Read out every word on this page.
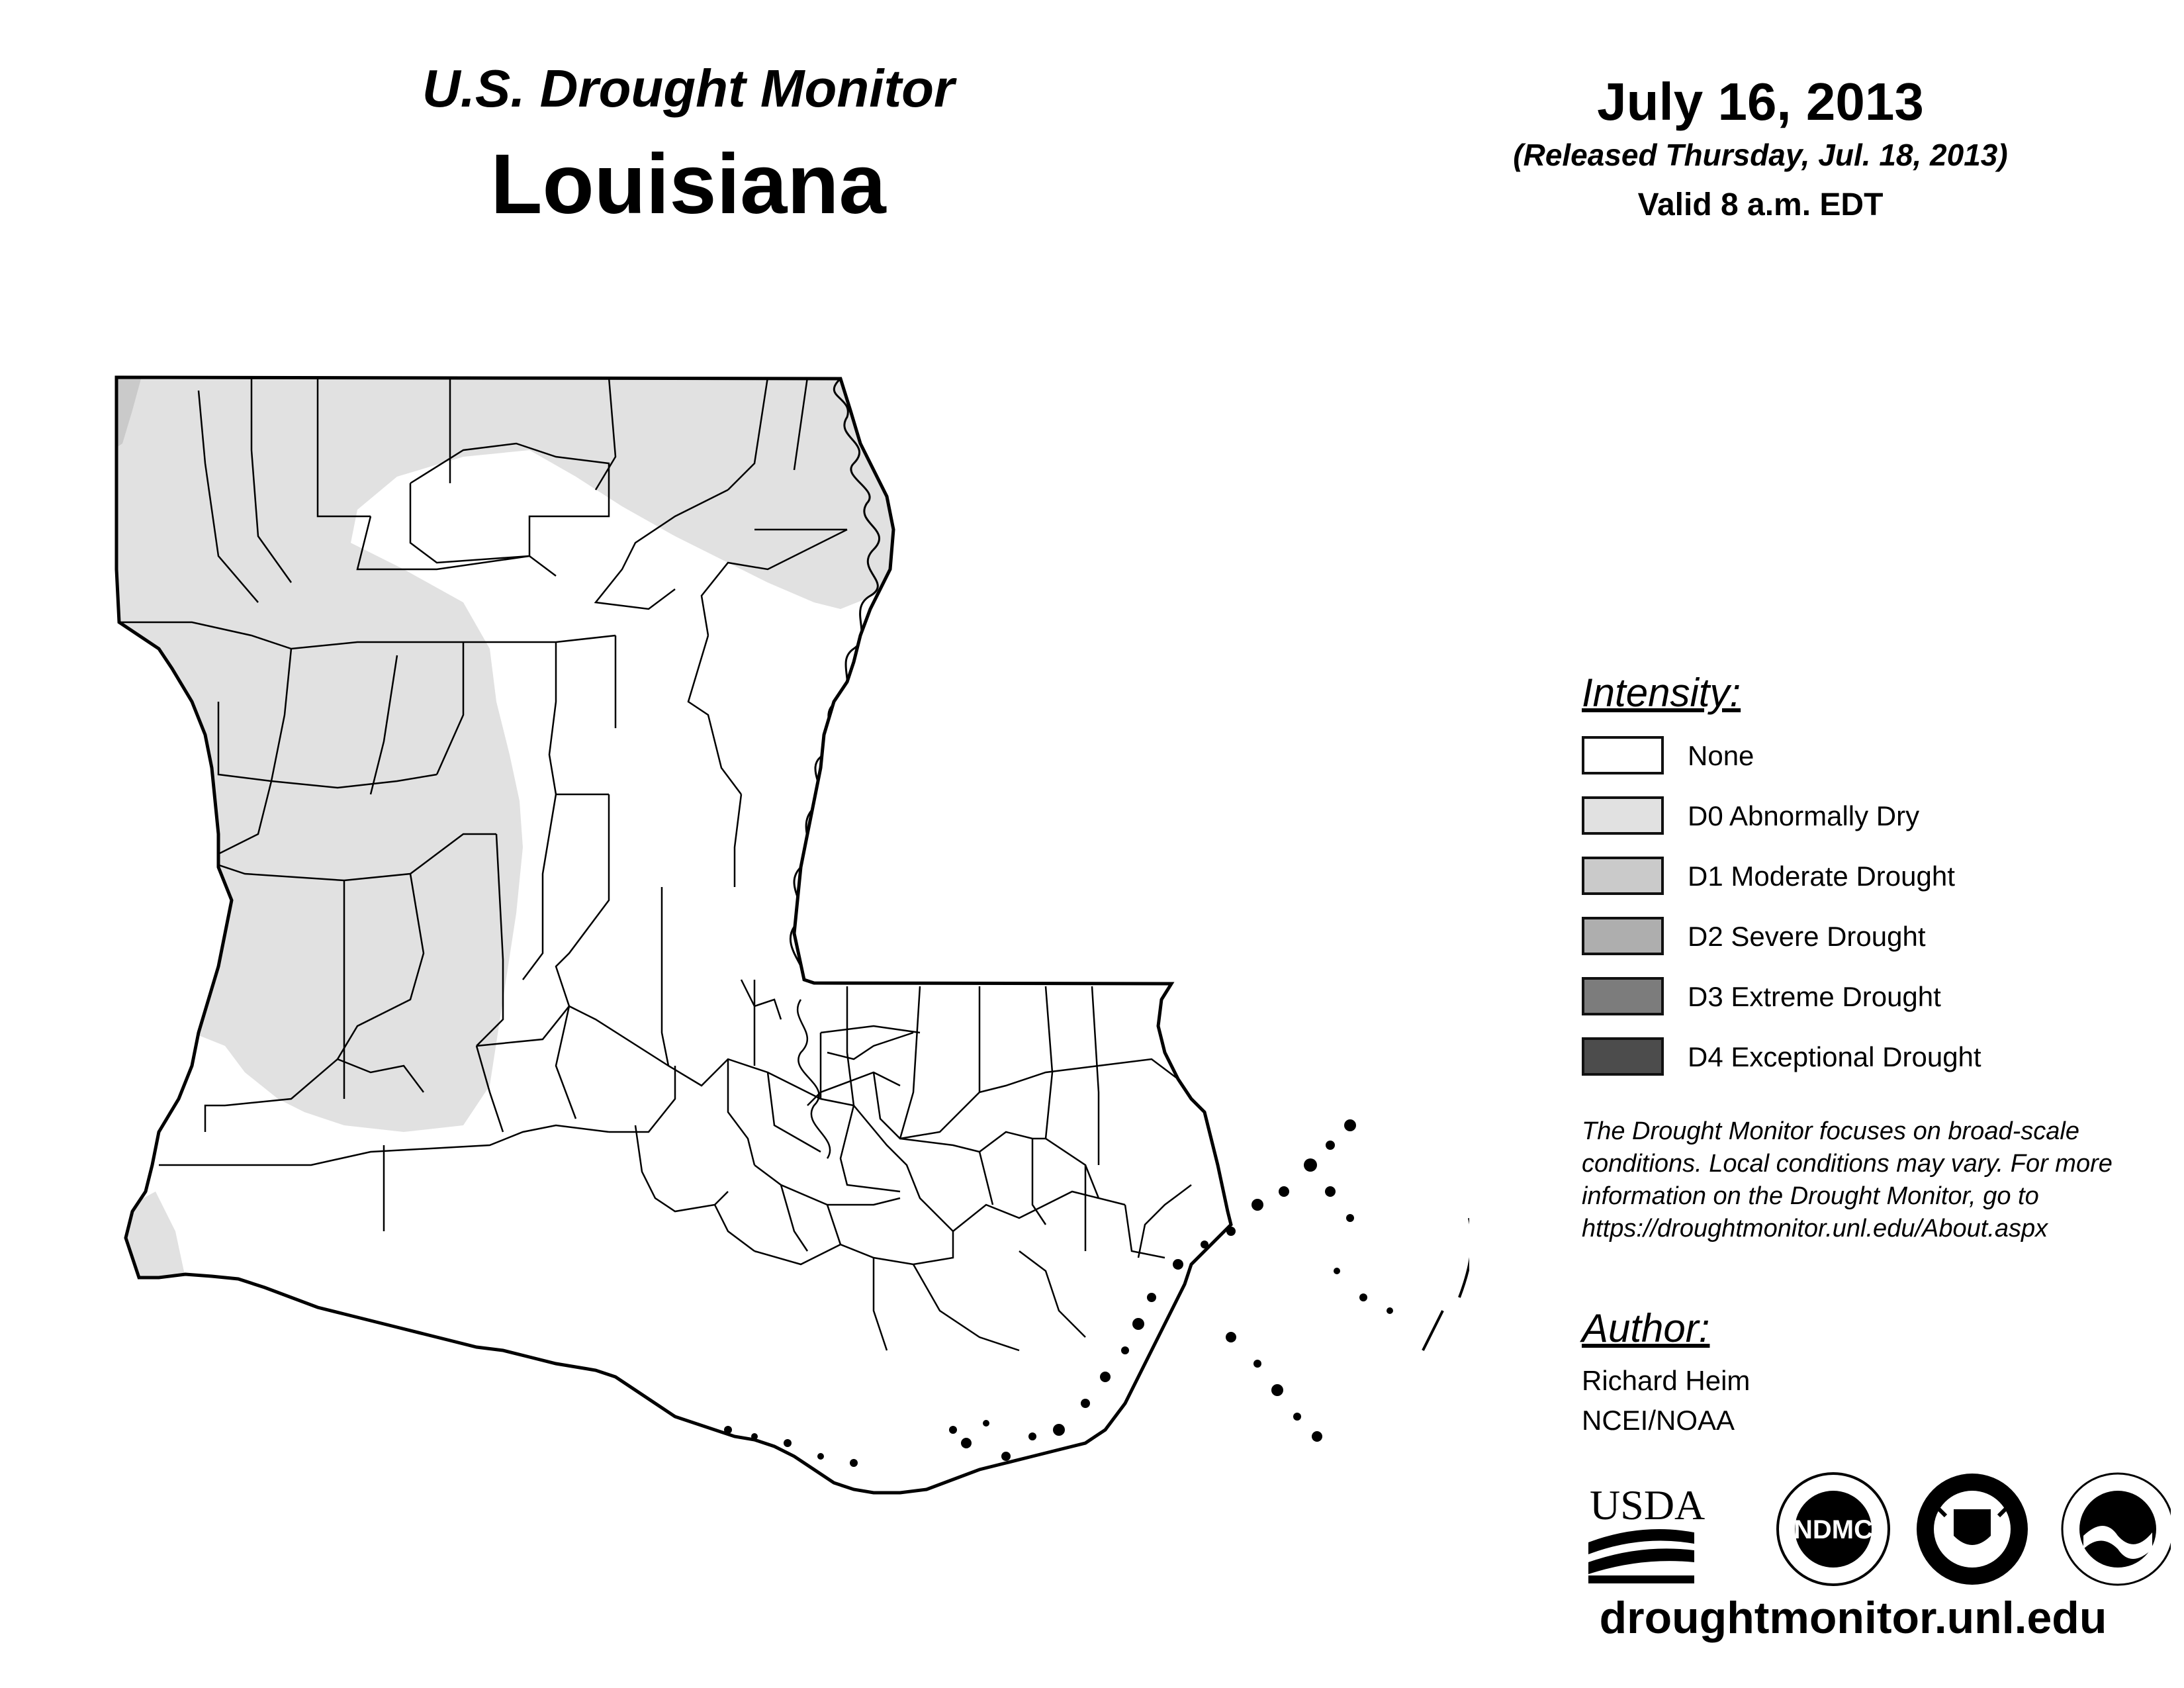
U.S. Drought Monitor
Louisiana
July 16, 2013
(Released Thursday, Jul. 18, 2013)
Valid 8 a.m. EDT
Intensity:
None
D0 Abnormally Dry
D1 Moderate Drought
D2 Severe Drought
D3 Extreme Drought
D4 Exceptional Drought
The Drought Monitor focuses on broad-scale
conditions. Local conditions may vary. For more
information on the Drought Monitor, go to
https://droughtmonitor.unl.edu/About.aspx
Author:
Richard Heim
NCEI/NOAA
USDA
NDMC
droughtmonitor.unl.edu
